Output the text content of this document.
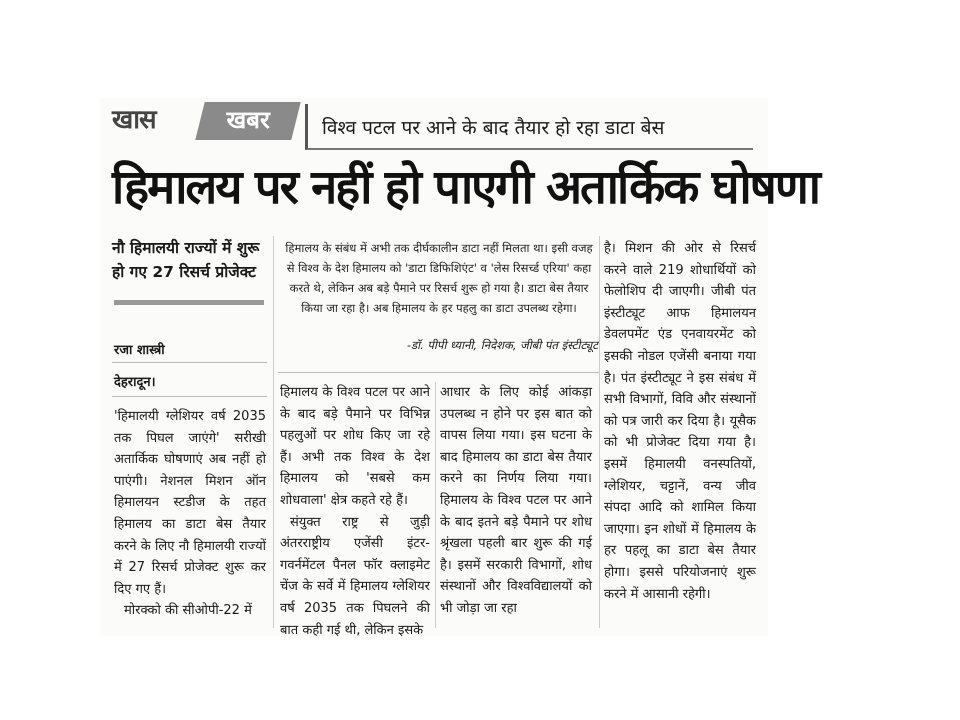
खास	खबर	विश्‍व पटल पर आने के बाद तैयार हो रहा डाटा बेस
हिमालय पर नहीं हो पाएगी अतार्किक घोषणा
नौ हिमालयी राज्यों में शुरू हो गए 27 रिसर्च प्रोजेक्ट
हिमालय के संबंध में अभी तक दीर्घकालीन डाटा नहीं मिलता था। इसी वजह से विश्व के देश हिमालय को 'डाटा डिफिशिएंट' व 'लेस रिसर्च्ड एरिया' कहा करते थे, लेकिन अब बड़े पैमाने पर रिसर्च शुरू हो गया है। डाटा बेस तैयार किया जा रहा है। अब हिमालय के हर पहलु का डाटा उपलब्ध रहेगा।
-डॉ. पीपी ध्यानी, निदेशक, जीबी पंत इंस्टीट्यूट
रजा शास्त्री
देहरादून।

'हिमालयी ग्लेशियर वर्ष 2035 तक पिघल जाएंगे' सरीखी अतार्किक घोषणाएं अब नहीं हो पाएंगी। नेशनल मिशन ऑन हिमालयन स्टडीज के तहत हिमालय का डाटा बेस तैयार करने के लिए नौ हिमालयी राज्यों में 27 रिसर्च प्रोजेक्ट शुरू कर दिए गए हैं।

मोरक्को की सीओपी-22 में

हिमालय के विश्व पटल पर आने के बाद बड़े पैमाने पर विभिन्न पहलुओं पर शोध किए जा रहे हैं। अभी तक विश्व के देश हिमालय को 'सबसे कम शोधवाला' क्षेत्र कहते रहे हैं।

संयुक्त राष्ट्र से जुड़ी अंतरराष्ट्रीय एजेंसी इंटर-गवर्नमेंटल पैनल फॉर क्लाइमेट चेंज के सर्वे में हिमालय ग्लेशियर वर्ष 2035 तक पिघलने की बात कही गई थी, लेकिन इसके

आधार के लिए कोई आंकड़ा उपलब्ध न होने पर इस बात को वापस लिया गया। इस घटना के बाद हिमालय का डाटा बेस तैयार करने का निर्णय लिया गया। हिमालय के विश्व पटल पर आने के बाद इतने बड़े पैमाने पर शोध श्रृंखला पहली बार शुरू की गई है। इसमें सरकारी विभागों, शोध संस्थानों और विश्वविद्यालयों को भी जोड़ा जा रहा

है। मिशन की ओर से रिसर्च करने वाले 219 शोधार्थियों को फेलोशिप दी जाएगी। जीबी पंत इंस्टीट्यूट आफ हिमालयन डेवलपमेंट एंड एनवायरमेंट को इसकी नोडल एजेंसी बनाया गया है। पंत इंस्टीट्यूट ने इस संबंध में सभी विभागों, विवि और संस्थानों को पत्र जारी कर दिया है। यूसैक को भी प्रोजेक्ट दिया गया है। इसमें हिमालयी वनस्पतियों, ग्लेशियर, चट्टानें, वन्य जीव संपदा आदि को शामिल किया जाएगा। इन शोधों में हिमालय के हर पहलू का डाटा बेस तैयार होगा। इससे परियोजनाएं शुरू करने में आसानी रहेगी।
